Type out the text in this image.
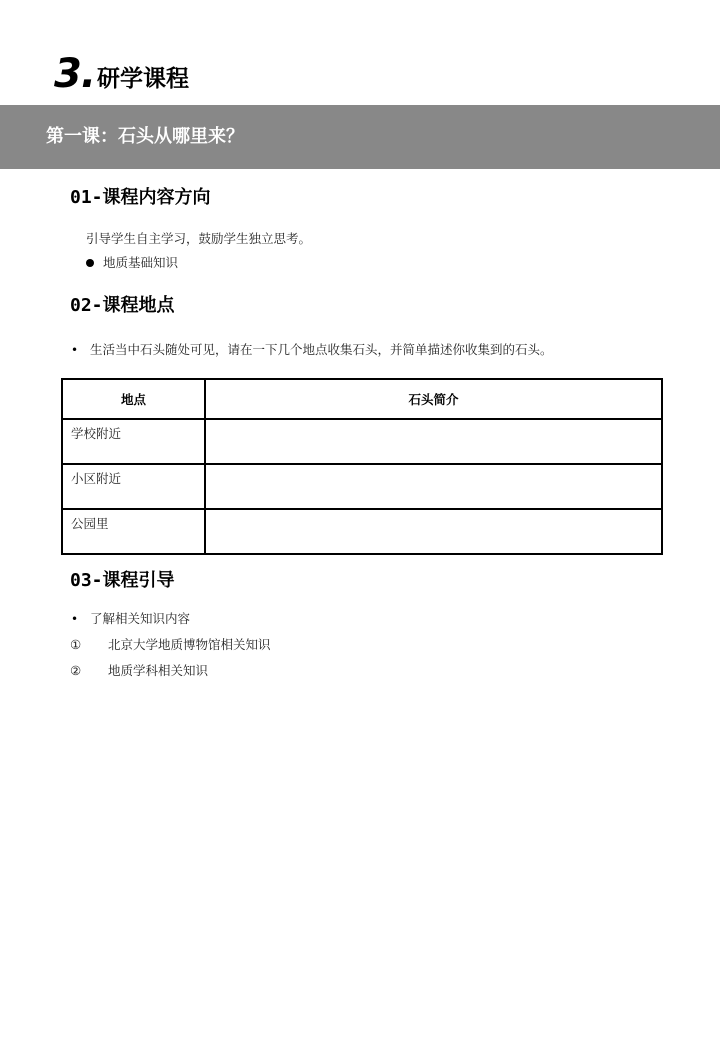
3. 研学课程
第一课：石头从哪里来？
01-课程内容方向
引导学生自主学习，鼓励学生独立思考。
地质基础知识
02-课程地点
• 生活当中石头随处可见，请在一下几个地点收集石头，并简单描述你收集到的石头。
地点	石头简介
学校附近	
小区附近	
公园里	
03-课程引导
• 了解相关知识内容
① 北京大学地质博物馆相关知识
② 地质学科相关知识
